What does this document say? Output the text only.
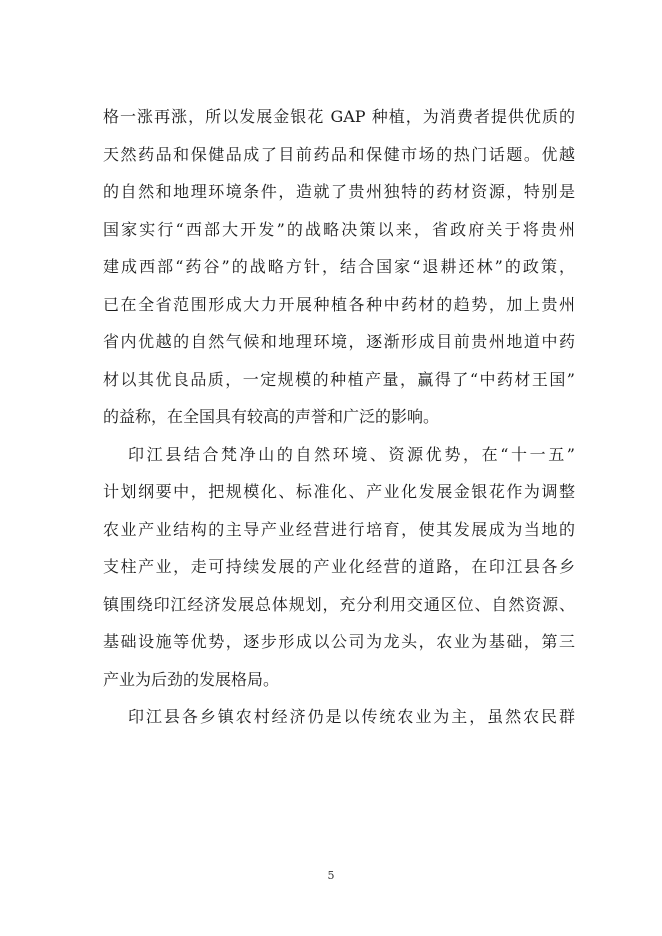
格一涨再涨，所以发展金银花 GAP 种植，为消费者提供优质的
天然药品和保健品成了目前药品和保健市场的热门话题。优越
的自然和地理环境条件，造就了贵州独特的药材资源，特别是
国家实行“西部大开发”的战略决策以来，省政府关于将贵州
建成西部“药谷”的战略方针，结合国家“退耕还林”的政策，
已在全省范围形成大力开展种植各种中药材的趋势，加上贵州
省内优越的自然气候和地理环境，逐渐形成目前贵州地道中药
材以其优良品质，一定规模的种植产量，赢得了“中药材王国”
的益称，在全国具有较高的声誉和广泛的影响。
印江县结合梵净山的自然环境、资源优势，在“十一五”
计划纲要中，把规模化、标准化、产业化发展金银花作为调整
农业产业结构的主导产业经营进行培育，使其发展成为当地的
支柱产业，走可持续发展的产业化经营的道路，在印江县各乡
镇围绕印江经济发展总体规划，充分利用交通区位、自然资源、
基础设施等优势，逐步形成以公司为龙头，农业为基础，第三
产业为后劲的发展格局。
印江县各乡镇农村经济仍是以传统农业为主，虽然农民群
5
